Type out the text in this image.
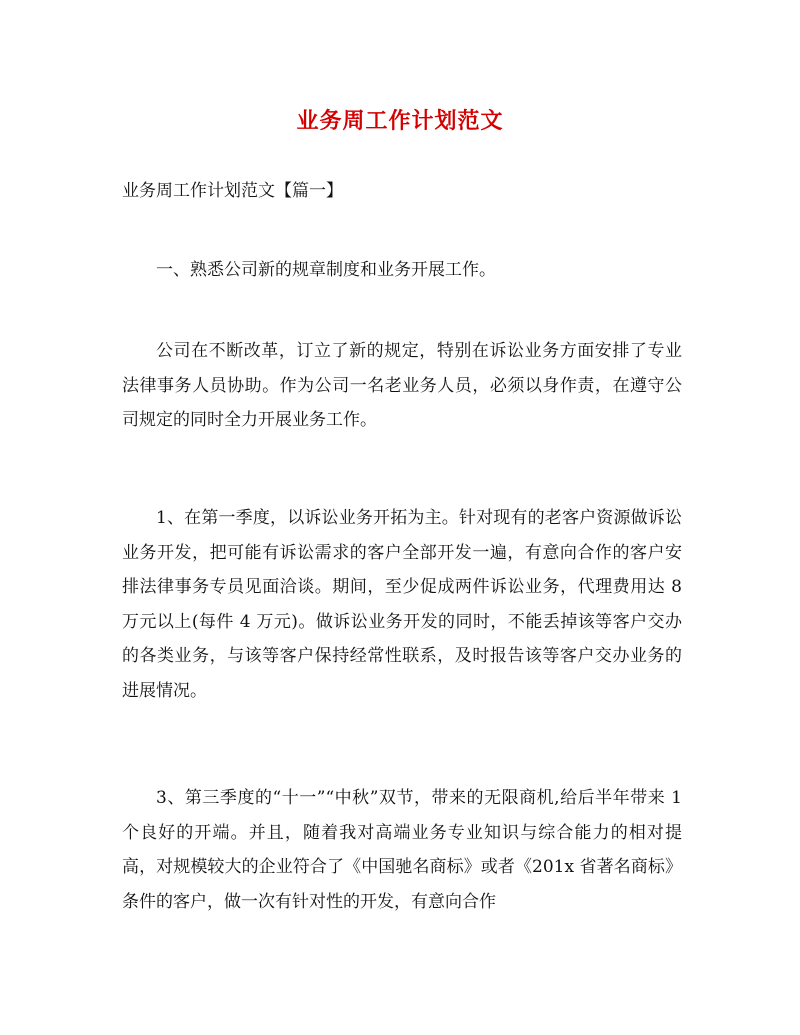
业务周工作计划范文
业务周工作计划范文【篇一】

一、熟悉公司新的规章制度和业务开展工作。

公司在不断改革，订立了新的规定，特别在诉讼业务方面安排了专业法律事务人员协助。作为公司一名老业务人员，必须以身作责，在遵守公司规定的同时全力开展业务工作。

1、在第一季度，以诉讼业务开拓为主。针对现有的老客户资源做诉讼业务开发，把可能有诉讼需求的客户全部开发一遍，有意向合作的客户安排法律事务专员见面洽谈。期间，至少促成两件诉讼业务，代理费用达 8 万元以上(每件 4 万元)。做诉讼业务开发的同时，不能丢掉该等客户交办的各类业务，与该等客户保持经常性联系，及时报告该等客户交办业务的进展情况。

3、第三季度的“十一”“中秋”双节，带来的无限商机,给后半年带来 1 个良好的开端。并且，随着我对高端业务专业知识与综合能力的相对提高，对规模较大的企业符合了《中国驰名商标》或者《201x 省著名商标》条件的客户，做一次有针对性的开发，有意向合作
